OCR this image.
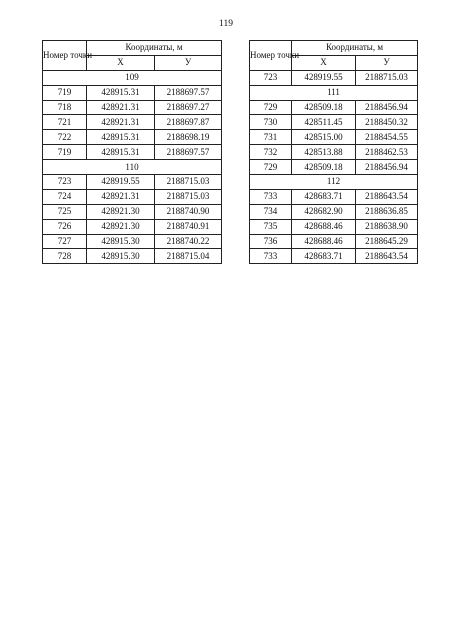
119
Номер точки	Координаты, м	
	X	У
109		
719	428915.31	2188697.57
718	428921.31	2188697.27
721	428921.31	2188697.87
722	428915.31	2188698.19
719	428915.31	2188697.57
110		
723	428919.55	2188715.03
724	428921.31	2188715.03
725	428921.30	2188740.90
726	428921.30	2188740.91
727	428915.30	2188740.22
728	428915.30	2188715.04
Номер точки	Координаты, м	
	X	У
723	428919.55	2188715.03
111		
729	428509.18	2188456.94
730	428511.45	2188450.32
731	428515.00	2188454.55
732	428513.88	2188462.53
729	428509.18	2188456.94
112		
733	428683.71	2188643.54
734	428682.90	2188636.85
735	428688.46	2188638.90
736	428688.46	2188645.29
733	428683.71	2188643.54
